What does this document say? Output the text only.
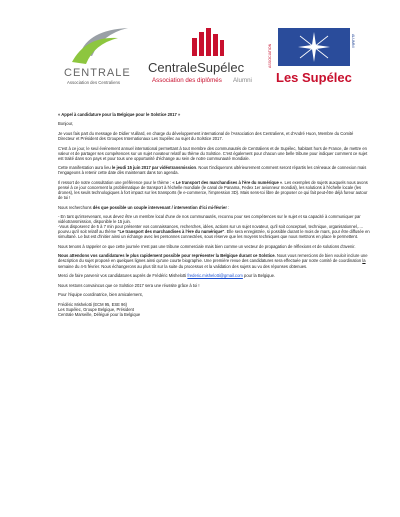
CENTRALE
Association des Centraliens
CentraleSupélec
Association des diplômés Alumni
ASSOCIATION
ALUMNI
Les Supélec

« Appel à candidature pour la Belgique pour le Solstice 2017 »

Bonjour,

Je vous fais part du message de Didier Vuillard, en charge du développement international de l'Association des Centraliens, et d'André Huon, Membre du Comité Directeur et Président des Groupes Internationaux Les Supélec au sujet du Solstice 2017.

C'est à ce jour, le seul événement annuel international permettant à tout membre des communautés de Centraliens et de Supélec, habitant hors de France, de mettre en valeur et de partager ses compétences sur un sujet novateur relatif au thème du Solstice. C'est également pour chacun une belle tribune pour indiquer comment ce sujet est traité dans son pays et pour tous une opportunité d'échange au sein de notre communauté mondiale.

Cette manifestation aura lieu le jeudi 15 juin 2017 par vidéotransmission. Nous t'indiquerons ultérieurement comment seront répartis les créneaux de connexion mais t'engageons à retenir cette date dès maintenant dans ton agenda.

Il ressort de notre consultation une préférence pour le thème : « Le transport des marchandises à l'ère du numérique ». Les exemples de sujets auxquels nous avons pensé à ce jour concernent la problématique de transport à l'échelle mondiale (le canal de Panama, Fedex 1er avionneur mondial), les solutions à l'échelle locale (les drones), les seuls technologiques à fort impact sur les transports (le e-commerce, l'impression 3D). Mais sens-toi libre de proposer ce qui fait peut-être déjà fureur autour de toi !

Nous recherchons dès que possible un couple intervenant / intervention d'ici mi-février :

- En tant qu'intervenant, vous devez être un membre local d'une de nos communautés, reconnu pour ses compétences sur le sujet et sa capacité à communiquer par vidéotransmission, disponible le 15 juin.
-Vous disposerez de 5 à 7 min pour présenter vos connaissances, recherches, idées, actions sur un sujet novateur, qu'il soit conceptuel, technique, organisationnel,…. pourvu qu'il soit relatif au thème "Le transport des marchandises à l'ère du numérique". Elle sera enregistrée, si possible durant le mois de mars, pour être diffusée en simultané. Le but est d'initier ainsi un échange avec les personnes connectées, sous réserve que les moyens techniques que nous mettrons en place le permettent.

Nous tenons à rappeler ce que cette journée n'est pas une tribune commerciale mais bien comme un vecteur de propagation de réflexions et de solutions d'avenir.

Nous attendons vos candidatures le plus rapidement possible pour représenter la Belgique durant ce Solstice. Nous vous remercions de bien vouloir inclure une description du sujet proposé en quelques lignes ainsi qu'une courte biographie. Une première revue des candidatures sera effectuée par notre comité de coordination la semaine du 4-5 février. Nous échangerons au plus tôt sur la suite du processus et la validation des sujets au vu des réponses obtenues.

Merci de faire parvenir vos candidatures auprès de Frédéric Mishelotti frederic.mishelotti@gmail.com pour la Belgique.

Nous restons convaincus que ce Solstice 2017 sera une réussite grâce à toi !

Pour l'équipe coordinatrice, bien amicalement,

Frédéric Mishelotti (ECM 95, ESE 96)
Les Supélec, Groupe Belgique, Président
Centrale Marseille, Délégué pour la Belgique
